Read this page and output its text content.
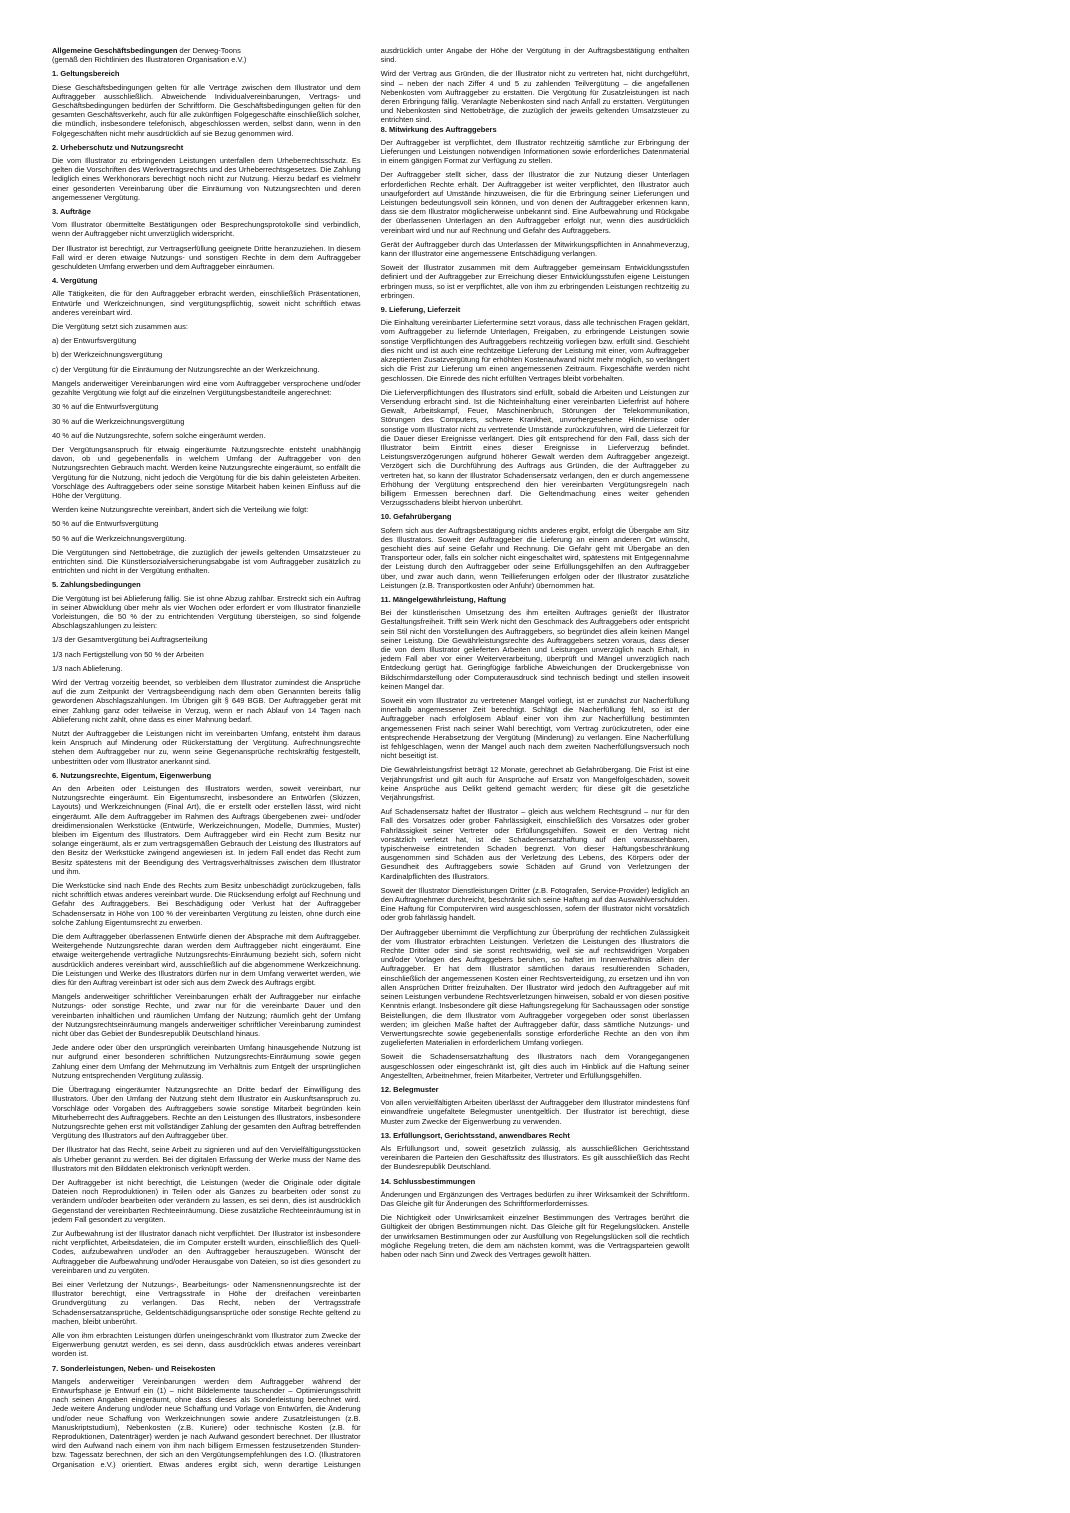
Allgemeine Geschäftsbedingungen der Derweg-Toons

(gemäß den Richtlinien des Illustratoren Organisation e.V.)

1. Geltungsbereich

Diese Geschäftsbedingungen gelten für alle Verträge zwischen dem Illustrator und dem Auftraggeber ausschließlich. Abweichende Individualvereinbarungen, Vertrags- und Geschäftsbedingungen bedürfen der Schriftform. Die Geschäftsbedingungen gelten für den gesamten Geschäftsverkehr, auch für alle zukünftigen Folgegeschäfte einschließlich solcher, die mündlich, insbesondere telefonisch, abgeschlossen werden, selbst dann, wenn in den Folgegeschäften nicht mehr ausdrücklich auf sie Bezug genommen wird.

2. Urheberschutz und Nutzungsrecht

Die vom Illustrator zu erbringenden Leistungen unterfallen dem Urheberrechtsschutz. Es gelten die Vorschriften des Werkvertragsrechts und des Urheberrechtsgesetzes. Die Zahlung lediglich eines Werkhonorars berechtigt noch nicht zur Nutzung. Hierzu bedarf es vielmehr einer gesonderten Vereinbarung über die Einräumung von Nutzungsrechten und deren angemessener Vergütung.

3. Aufträge

Vom Illustrator übermittelte Bestätigungen oder Besprechungsprotokolle sind verbindlich, wenn der Auftraggeber nicht unverzüglich widerspricht.

Der Illustrator ist berechtigt, zur Vertragserfüllung geeignete Dritte heranzuziehen. In diesem Fall wird er deren etwaige Nutzungs- und sonstigen Rechte in dem dem Auftraggeber geschuldeten Umfang erwerben und dem Auftraggeber einräumen.

4. Vergütung

Alle Tätigkeiten, die für den Auftraggeber erbracht werden, einschließlich Präsentationen, Entwürfe und Werkzeichnungen, sind vergütungspflichtig, soweit nicht schriftlich etwas anderes vereinbart wird.

Die Vergütung setzt sich zusammen aus:

a) der Entwurfsvergütung

b) der Werkzeichnungsvergütung

c) der Vergütung für die Einräumung der Nutzungsrechte an der Werkzeichnung.

Mangels anderweitiger Vereinbarungen wird eine vom Auftraggeber versprochene und/oder gezahlte Vergütung wie folgt auf die einzelnen Vergütungsbestandteile angerechnet:

30 % auf die Entwurfsvergütung

30 % auf die Werkzeichnungsvergütung

40 % auf die Nutzungsrechte, sofern solche eingeräumt werden.

Der Vergütungsanspruch für etwaig eingeräumte Nutzungsrechte entsteht unabhängig davon, ob und gegebenenfalls in welchem Umfang der Auftraggeber von den Nutzungsrechten Gebrauch macht. Werden keine Nutzungsrechte eingeräumt, so entfällt die Vergütung für die Nutzung, nicht jedoch die Vergütung für die bis dahin geleisteten Arbeiten. Vorschläge des Auftraggebers oder seine sonstige Mitarbeit haben keinen Einfluss auf die Höhe der Vergütung.

Werden keine Nutzungsrechte vereinbart, ändert sich die Verteilung wie folgt:

50 % auf die Entwurfsvergütung

50 % auf die Werkzeichnungsvergütung.

Die Vergütungen sind Nettobeträge, die zuzüglich der jeweils geltenden Umsatzsteuer zu entrichten sind. Die Künstlersozialversicherungsabgabe ist vom Auftraggeber zusätzlich zu entrichten und nicht in der Vergütung enthalten.

5. Zahlungsbedingungen

Die Vergütung ist bei Ablieferung fällig. Sie ist ohne Abzug zahlbar. Erstreckt sich ein Auftrag in seiner Abwicklung über mehr als vier Wochen oder erfordert er vom Illustrator finanzielle Vorleistungen, die 50 % der zu entrichtenden Vergütung übersteigen, so sind folgende Abschlagszahlungen zu leisten:

1/3 der Gesamtvergütung bei Auftragserteilung

1/3 nach Fertigstellung von 50 % der Arbeiten

1/3 nach Ablieferung.

Wird der Vertrag vorzeitig beendet, so verbleiben dem Illustrator zumindest die Ansprüche auf die zum Zeitpunkt der Vertragsbeendigung nach dem oben Genannten bereits fällig gewordenen Abschlagszahlungen. Im Übrigen gilt § 649 BGB. Der Auftraggeber gerät mit einer Zahlung ganz oder teilweise in Verzug, wenn er nach Ablauf von 14 Tagen nach Ablieferung nicht zahlt, ohne dass es einer Mahnung bedarf.

Nutzt der Auftraggeber die Leistungen nicht im vereinbarten Umfang, entsteht ihm daraus kein Anspruch auf Minderung oder Rückerstattung der Vergütung. Aufrechnungsrechte stehen dem Auftraggeber nur zu, wenn seine Gegenansprüche rechtskräftig festgestellt, unbestritten oder vom Illustrator anerkannt sind.

6. Nutzungsrechte, Eigentum, Eigenwerbung

An den Arbeiten oder Leistungen des Illustrators werden, soweit vereinbart, nur Nutzungsrechte eingeräumt. Ein Eigentumsrecht, insbesondere an Entwürfen (Skizzen, Layouts) und Werkzeichnungen (Final Art), die er erstellt oder erstellen lässt, wird nicht eingeräumt. Alle dem Auftraggeber im Rahmen des Auftrags übergebenen zwei- und/oder dreidimensionalen Werkstücke (Entwürfe, Werkzeichnungen, Modelle, Dummies, Muster) bleiben im Eigentum des Illustrators. Dem Auftraggeber wird ein Recht zum Besitz nur solange eingeräumt, als er zum vertragsgemäßen Gebrauch der Leistung des Illustrators auf den Besitz der Werkstücke zwingend angewiesen ist. In jedem Fall endet das Recht zum Besitz spätestens mit der Beendigung des Vertragsverhältnisses zwischen dem Illustrator und ihm.

Die Werkstücke sind nach Ende des Rechts zum Besitz unbeschädigt zurückzugeben, falls nicht schriftlich etwas anderes vereinbart wurde. Die Rücksendung erfolgt auf Rechnung und Gefahr des Auftraggebers. Bei Beschädigung oder Verlust hat der Auftraggeber Schadensersatz in Höhe von 100 % der vereinbarten Vergütung zu leisten, ohne durch eine solche Zahlung Eigentumsrecht zu erwerben.

Die dem Auftraggeber überlassenen Entwürfe dienen der Absprache mit dem Auftraggeber. Weitergehende Nutzungsrechte daran werden dem Auftraggeber nicht eingeräumt. Eine etwaige weitergehende vertragliche Nutzungsrechts-Einräumung bezieht sich, sofern nicht ausdrücklich anderes vereinbart wird, ausschließlich auf die abgenommene Werkzeichnung. Die Leistungen und Werke des Illustrators dürfen nur in dem Umfang verwertet werden, wie dies für den Auftrag vereinbart ist oder sich aus dem Zweck des Auftrags ergibt.

Mangels anderweitiger schriftlicher Vereinbarungen erhält der Auftraggeber nur einfache Nutzungs- oder sonstige Rechte, und zwar nur für die vereinbarte Dauer und den vereinbarten inhaltlichen und räumlichen Umfang der Nutzung; räumlich geht der Umfang der Nutzungsrechtseinräumung mangels anderweitiger schriftlicher Vereinbarung zumindest nicht über das Gebiet der Bundesrepublik Deutschland hinaus.

Jede andere oder über den ursprünglich vereinbarten Umfang hinausgehende Nutzung ist nur aufgrund einer besonderen schriftlichen Nutzungsrechts-Einräumung sowie gegen Zahlung einer dem Umfang der Mehrnutzung im Verhältnis zum Entgelt der ursprünglichen Nutzung entsprechenden Vergütung zulässig.

Die Übertragung eingeräumter Nutzungsrechte an Dritte bedarf der Einwilligung des Illustrators. Über den Umfang der Nutzung steht dem Illustrator ein Auskunftsanspruch zu. Vorschläge oder Vorgaben des Auftraggebers sowie sonstige Mitarbeit begründen kein Miturheberrecht des Auftraggebers. Rechte an den Leistungen des Illustrators, insbesondere Nutzungsrechte gehen erst mit vollständiger Zahlung der gesamten den Auftrag betreffenden Vergütung des Illustrators auf den Auftraggeber über.

Der Illustrator hat das Recht, seine Arbeit zu signieren und auf den Vervielfältigungsstücken als Urheber genannt zu werden. Bei der digitalen Erfassung der Werke muss der Name des Illustrators mit den Bilddaten elektronisch verknüpft werden.

Der Auftraggeber ist nicht berechtigt, die Leistungen (weder die Originale oder digitale Dateien noch Reproduktionen) in Teilen oder als Ganzes zu bearbeiten oder sonst zu verändern und/oder bearbeiten oder verändern zu lassen, es sei denn, dies ist ausdrücklich Gegenstand der vereinbarten Rechteeinräumung. Diese zusätzliche Rechteeinräumung ist in jedem Fall gesondert zu vergüten.

Zur Aufbewahrung ist der Illustrator danach nicht verpflichtet. Der Illustrator ist insbesondere nicht verpflichtet, Arbeitsdateien, die im Computer erstellt wurden, einschließlich des Quell-Codes, aufzubewahren und/oder an den Auftraggeber herauszugeben. Wünscht der Auftraggeber die Aufbewahrung und/oder Herausgabe von Dateien, so ist dies gesondert zu vereinbaren und zu vergüten.

Bei einer Verletzung der Nutzungs-, Bearbeitungs- oder Namensnennungsrechte ist der Illustrator berechtigt, eine Vertragsstrafe in Höhe der dreifachen vereinbarten Grundvergütung zu verlangen. Das Recht, neben der Vertragsstrafe Schadensersatzansprüche, Geldentschädigungsansprüche oder sonstige Rechte geltend zu machen, bleibt unberührt.

Alle von ihm erbrachten Leistungen dürfen uneingeschränkt vom Illustrator zum Zwecke der Eigenwerbung genutzt werden, es sei denn, dass ausdrücklich etwas anderes vereinbart worden ist.

7. Sonderleistungen, Neben- und Reisekosten

Mangels anderweitiger Vereinbarungen werden dem Auftraggeber während der Entwurfsphase je Entwurf ein (1) – nicht Bildelemente tauschender – Optimierungsschritt nach seinen Angaben eingeräumt, ohne dass dieses als Sonderleistung berechnet wird. Jede weitere Änderung und/oder neue Schaffung und Vorlage von Entwürfen, die Änderung und/oder neue Schaffung von Werkzeichnungen sowie andere Zusatzleistungen (z.B. Manuskriptstudium), Nebenkosten (z.B. Kuriere) oder technische Kosten (z.B. für Reproduktionen, Datenträger) werden je nach Aufwand gesondert berechnet. Der Illustrator wird den Aufwand nach einem von ihm nach billigem Ermessen festzusetzenden Stunden- bzw. Tagessatz berechnen, der sich an den Vergütungsempfehlungen des I.O. (Illustratoren Organisation e.V.) orientiert. Etwas anderes ergibt sich, wenn derartige Leistungen ausdrücklich unter Angabe der Höhe der Vergütung in der Auftragsbestätigung enthalten sind.

Wird der Vertrag aus Gründen, die der Illustrator nicht zu vertreten hat, nicht durchgeführt, sind – neben der nach Ziffer 4 und 5 zu zahlenden Teilvergütung – die angefallenen Nebenkosten vom Auftraggeber zu erstatten. Die Vergütung für Zusatzleistungen ist nach deren Erbringung fällig. Veranlagte Nebenkosten sind nach Anfall zu erstatten. Vergütungen und Nebenkosten sind Nettobeträge, die zuzüglich der jeweils geltenden Umsatzsteuer zu entrichten sind.

8. Mitwirkung des Auftraggebers

Der Auftraggeber ist verpflichtet, dem Illustrator rechtzeitig sämtliche zur Erbringung der Lieferungen und Leistungen notwendigen Informationen sowie erforderliches Datenmaterial in einem gängigen Format zur Verfügung zu stellen.

Der Auftraggeber stellt sicher, dass der Illustrator die zur Nutzung dieser Unterlagen erforderlichen Rechte erhält. Der Auftraggeber ist weiter verpflichtet, den Illustrator auch unaufgefordert auf Umstände hinzuweisen, die für die Erbringung seiner Lieferungen und Leistungen bedeutungsvoll sein können, und von denen der Auftraggeber erkennen kann, dass sie dem Illustrator möglicherweise unbekannt sind. Eine Aufbewahrung und Rückgabe der überlassenen Unterlagen an den Auftraggeber erfolgt nur, wenn dies ausdrücklich vereinbart wird und nur auf Rechnung und Gefahr des Auftraggebers.

Gerät der Auftraggeber durch das Unterlassen der Mitwirkungspflichten in Annahmeverzug, kann der Illustrator eine angemessene Entschädigung verlangen.

Soweit der Illustrator zusammen mit dem Auftraggeber gemeinsam Entwicklungsstufen definiert und der Auftraggeber zur Erreichung dieser Entwicklungsstufen eigene Leistungen erbringen muss, so ist er verpflichtet, alle von ihm zu erbringenden Leistungen rechtzeitig zu erbringen.

9. Lieferung, Lieferzeit

Die Einhaltung vereinbarter Liefertermine setzt voraus, dass alle technischen Fragen geklärt, vom Auftraggeber zu liefernde Unterlagen, Freigaben, zu erbringende Leistungen sowie sonstige Verpflichtungen des Auftraggebers rechtzeitig vorliegen bzw. erfüllt sind. Geschieht dies nicht und ist auch eine rechtzeitige Lieferung der Leistung mit einer, vom Auftraggeber akzeptierten Zusatzvergütung für erhöhten Kostenaufwand nicht mehr möglich, so verlängert sich die Frist zur Lieferung um einen angemessenen Zeitraum. Fixgeschäfte werden nicht geschlossen. Die Einrede des nicht erfüllten Vertrages bleibt vorbehalten.

Die Lieferverpflichtungen des Illustrators sind erfüllt, sobald die Arbeiten und Leistungen zur Versendung erbracht sind. Ist die Nichteinhaltung einer vereinbarten Lieferfrist auf höhere Gewalt, Arbeitskampf, Feuer, Maschinenbruch, Störungen der Telekommunikation, Störungen des Computers, schwere Krankheit, unvorhergesehene Hindernisse oder sonstige vom Illustrator nicht zu vertretende Umstände zurückzuführen, wird die Lieferzeit für die Dauer dieser Ereignisse verlängert. Dies gilt entsprechend für den Fall, dass sich der Illustrator beim Eintritt eines dieser Ereignisse in Lieferverzug befindet. Leistungsverzögerungen aufgrund höherer Gewalt werden dem Auftraggeber angezeigt. Verzögert sich die Durchführung des Auftrags aus Gründen, die der Auftraggeber zu vertreten hat, so kann der Illustrator Schadensersatz verlangen, den er durch angemessene Erhöhung der Vergütung entsprechend den hier vereinbarten Vergütungsregeln nach billigem Ermessen berechnen darf. Die Geltendmachung eines weiter gehenden Verzugsschadens bleibt hiervon unberührt.

10. Gefahrübergang

Sofern sich aus der Auftragsbestätigung nichts anderes ergibt, erfolgt die Übergabe am Sitz des Illustrators. Soweit der Auftraggeber die Lieferung an einem anderen Ort wünscht, geschieht dies auf seine Gefahr und Rechnung. Die Gefahr geht mit Übergabe an den Transporteur oder, falls ein solcher nicht eingeschaltet wird, spätestens mit Entgegennahme der Leistung durch den Auftraggeber oder seine Erfüllungsgehilfen an den Auftraggeber über, und zwar auch dann, wenn Teillieferungen erfolgen oder der Illustrator zusätzliche Leistungen (z.B. Transportkosten oder Anfuhr) übernommen hat.

11. Mängelgewährleistung, Haftung

Bei der künstlerischen Umsetzung des ihm erteilten Auftrages genießt der Illustrator Gestaltungsfreiheit. Trifft sein Werk nicht den Geschmack des Auftraggebers oder entspricht sein Stil nicht den Vorstellungen des Auftraggebers, so begründet dies allein keinen Mangel seiner Leistung. Die Gewährleistungsrechte des Auftraggebers setzen voraus, dass dieser die von dem Illustrator gelieferten Arbeiten und Leistungen unverzüglich nach Erhalt, in jedem Fall aber vor einer Weiterverarbeitung, überprüft und Mängel unverzüglich nach Entdeckung gerügt hat. Geringfügige farbliche Abweichungen der Druckergebnisse von Bildschirmdarstellung oder Computerausdruck sind technisch bedingt und stellen insoweit keinen Mangel dar.

Soweit ein vom Illustrator zu vertretener Mangel vorliegt, ist er zunächst zur Nacherfüllung innerhalb angemessener Zeit berechtigt. Schlägt die Nacherfüllung fehl, so ist der Auftraggeber nach erfolglosem Ablauf einer von ihm zur Nacherfüllung bestimmten angemessenen Frist nach seiner Wahl berechtigt, vom Vertrag zurückzutreten, oder eine entsprechende Herabsetzung der Vergütung (Minderung) zu verlangen. Eine Nacherfüllung ist fehlgeschlagen, wenn der Mangel auch nach dem zweiten Nacherfüllungsversuch noch nicht beseitigt ist.

Die Gewährleistungsfrist beträgt 12 Monate, gerechnet ab Gefahrübergang. Die Frist ist eine Verjährungsfrist und gilt auch für Ansprüche auf Ersatz von Mangelfolgeschäden, soweit keine Ansprüche aus Delikt geltend gemacht werden; für diese gilt die gesetzliche Verjährungsfrist.

Auf Schadensersatz haftet der Illustrator – gleich aus welchem Rechtsgrund – nur für den Fall des Vorsatzes oder grober Fahrlässigkeit, einschließlich des Vorsatzes oder grober Fahrlässigkeit seiner Vertreter oder Erfüllungsgehilfen. Soweit er den Vertrag nicht vorsätzlich verletzt hat, ist die Schadensersatzhaftung auf den voraussehbaren, typischerweise eintretenden Schaden begrenzt. Von dieser Haftungsbeschränkung ausgenommen sind Schäden aus der Verletzung des Lebens, des Körpers oder der Gesundheit des Auftraggebers sowie Schäden auf Grund von Verletzungen der Kardinalpflichten des Illustrators.

Soweit der Illustrator Dienstleistungen Dritter (z.B. Fotografen, Service-Provider) lediglich an den Auftragnehmer durchreicht, beschränkt sich seine Haftung auf das Auswahlverschulden. Eine Haftung für Computerviren wird ausgeschlossen, sofern der Illustrator nicht vorsätzlich oder grob fahrlässig handelt.

Der Auftraggeber übernimmt die Verpflichtung zur Überprüfung der rechtlichen Zulässigkeit der vom Illustrator erbrachten Leistungen. Verletzen die Leistungen des Illustrators die Rechte Dritter oder sind sie sonst rechtswidrig, weil sie auf rechtswidrigen Vorgaben und/oder Vorlagen des Auftraggebers beruhen, so haftet im Innenverhältnis allein der Auftraggeber. Er hat dem Illustrator sämtlichen daraus resultierenden Schaden, einschließlich der angemessenen Kosten einer Rechtsverteidigung, zu ersetzen und ihn von allen Ansprüchen Dritter freizuhalten. Der Illustrator wird jedoch den Auftraggeber auf mit seinen Leistungen verbundene Rechtsverletzungen hinweisen, sobald er von diesen positive Kenntnis erlangt. Insbesondere gilt diese Haftungsregelung für Sachaussagen oder sonstige Beistellungen, die dem Illustrator vom Auftraggeber vorgegeben oder sonst überlassen werden; im gleichen Maße haftet der Auftraggeber dafür, dass sämtliche Nutzungs- und Verwertungsrechte sowie gegebenenfalls sonstige erforderliche Rechte an den von ihm zugelieferten Materialien in erforderlichem Umfang vorliegen.

Soweit die Schadensersatzhaftung des Illustrators nach dem Vorangegangenen ausgeschlossen oder eingeschränkt ist, gilt dies auch im Hinblick auf die Haftung seiner Angestellten, Arbeitnehmer, freien Mitarbeiter, Vertreter und Erfüllungsgehilfen.

12. Belegmuster

Von allen vervielfältigten Arbeiten überlässt der Auftraggeber dem Illustrator mindestens fünf einwandfreie ungefaltete Belegmuster unentgeltlich. Der Illustrator ist berechtigt, diese Muster zum Zwecke der Eigenwerbung zu verwenden.

13. Erfüllungsort, Gerichtsstand, anwendbares Recht

Als Erfüllungsort und, soweit gesetzlich zulässig, als ausschließlichen Gerichtsstand vereinbaren die Parteien den Geschäftssitz des Illustrators. Es gilt ausschließlich das Recht der Bundesrepublik Deutschland.

14. Schlussbestimmungen

Änderungen und Ergänzungen des Vertrages bedürfen zu ihrer Wirksamkeit der Schriftform. Das Gleiche gilt für Änderungen des Schriftformerfordernisses.

Die Nichtigkeit oder Unwirksamkeit einzelner Bestimmungen des Vertrages berührt die Gültigkeit der übrigen Bestimmungen nicht. Das Gleiche gilt für Regelungslücken. Anstelle der unwirksamen Bestimmungen oder zur Ausfüllung von Regelungslücken soll die rechtlich mögliche Regelung treten, die dem am nächsten kommt, was die Vertragsparteien gewollt haben oder nach Sinn und Zweck des Vertrages gewollt hätten.
